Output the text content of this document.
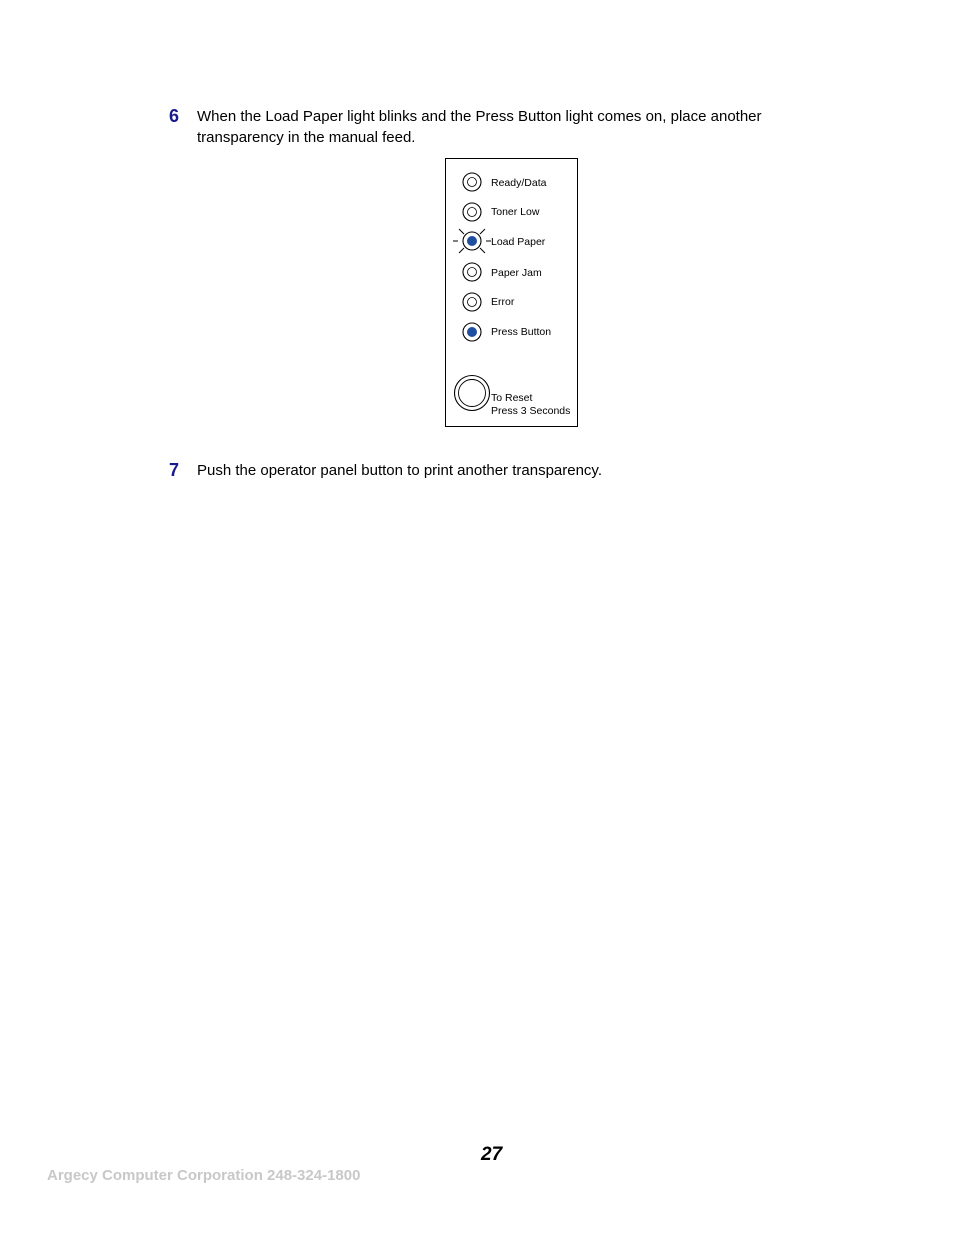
6 When the Load Paper light blinks and the Press Button light comes on, place another transparency in the manual feed.
Ready/Data
Toner Low
Load Paper
Paper Jam
Error
Press Button
To Reset
Press 3 Seconds
7 Push the operator panel button to print another transparency.
27
Argecy Computer Corporation 248-324-1800
